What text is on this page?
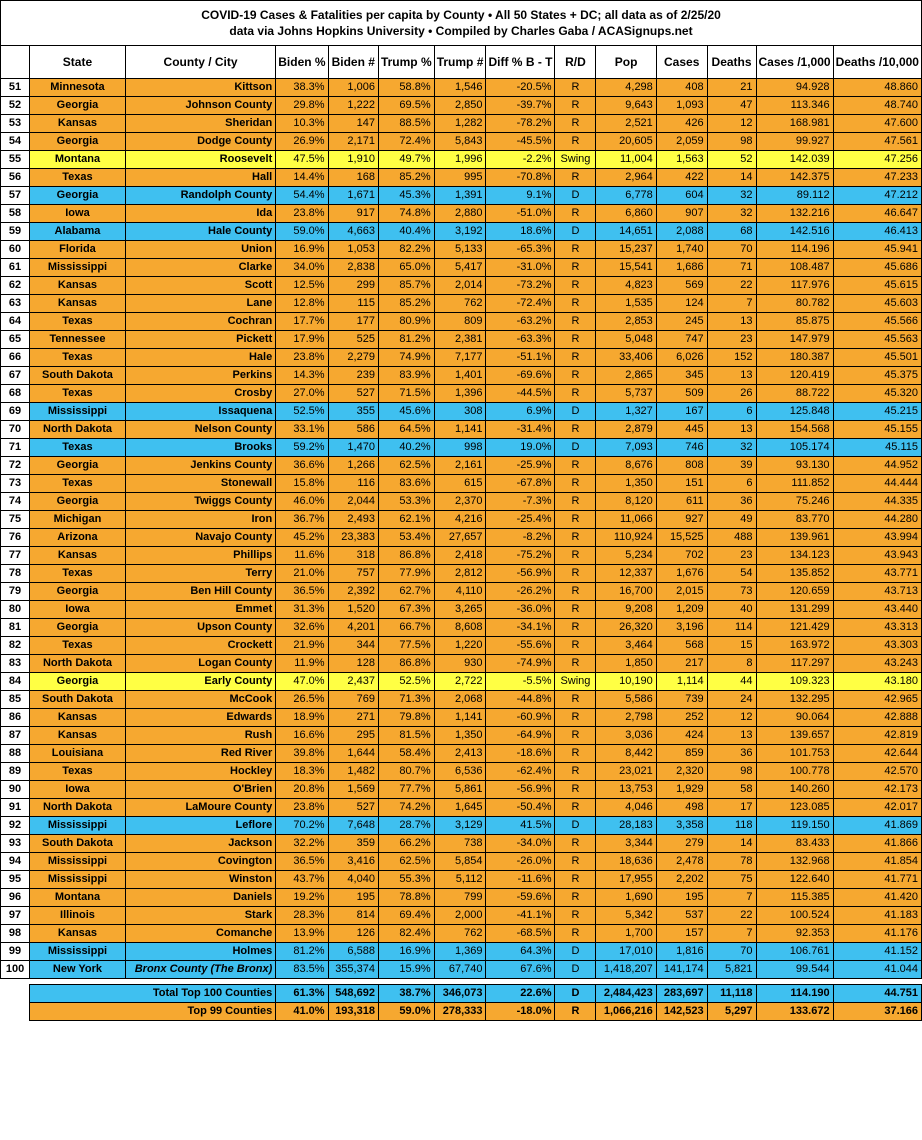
COVID-19 Cases & Fatalities per capita by County • All 50 States + DC; all data as of 2/25/20
data via Johns Hopkins University • Compiled by Charles Gaba / ACASignups.net													
	State	County / City	Biden %	Biden #	Trump %	Trump #	Diff % B - T	R/D	Pop	Cases	Deaths	Cases /1,000	Deaths /10,000
51	Minnesota	Kittson	38.3%	1,006	58.8%	1,546	-20.5%	R	4,298	408	21	94.928	48.860
52	Georgia	Johnson County	29.8%	1,222	69.5%	2,850	-39.7%	R	9,643	1,093	47	113.346	48.740
53	Kansas	Sheridan	10.3%	147	88.5%	1,282	-78.2%	R	2,521	426	12	168.981	47.600
54	Georgia	Dodge County	26.9%	2,171	72.4%	5,843	-45.5%	R	20,605	2,059	98	99.927	47.561
55	Montana	Roosevelt	47.5%	1,910	49.7%	1,996	-2.2%	Swing	11,004	1,563	52	142.039	47.256
56	Texas	Hall	14.4%	168	85.2%	995	-70.8%	R	2,964	422	14	142.375	47.233
57	Georgia	Randolph County	54.4%	1,671	45.3%	1,391	9.1%	D	6,778	604	32	89.112	47.212
58	Iowa	Ida	23.8%	917	74.8%	2,880	-51.0%	R	6,860	907	32	132.216	46.647
59	Alabama	Hale County	59.0%	4,663	40.4%	3,192	18.6%	D	14,651	2,088	68	142.516	46.413
60	Florida	Union	16.9%	1,053	82.2%	5,133	-65.3%	R	15,237	1,740	70	114.196	45.941
61	Mississippi	Clarke	34.0%	2,838	65.0%	5,417	-31.0%	R	15,541	1,686	71	108.487	45.686
62	Kansas	Scott	12.5%	299	85.7%	2,014	-73.2%	R	4,823	569	22	117.976	45.615
63	Kansas	Lane	12.8%	115	85.2%	762	-72.4%	R	1,535	124	7	80.782	45.603
64	Texas	Cochran	17.7%	177	80.9%	809	-63.2%	R	2,853	245	13	85.875	45.566
65	Tennessee	Pickett	17.9%	525	81.2%	2,381	-63.3%	R	5,048	747	23	147.979	45.563
66	Texas	Hale	23.8%	2,279	74.9%	7,177	-51.1%	R	33,406	6,026	152	180.387	45.501
67	South Dakota	Perkins	14.3%	239	83.9%	1,401	-69.6%	R	2,865	345	13	120.419	45.375
68	Texas	Crosby	27.0%	527	71.5%	1,396	-44.5%	R	5,737	509	26	88.722	45.320
69	Mississippi	Issaquena	52.5%	355	45.6%	308	6.9%	D	1,327	167	6	125.848	45.215
70	North Dakota	Nelson County	33.1%	586	64.5%	1,141	-31.4%	R	2,879	445	13	154.568	45.155
71	Texas	Brooks	59.2%	1,470	40.2%	998	19.0%	D	7,093	746	32	105.174	45.115
72	Georgia	Jenkins County	36.6%	1,266	62.5%	2,161	-25.9%	R	8,676	808	39	93.130	44.952
73	Texas	Stonewall	15.8%	116	83.6%	615	-67.8%	R	1,350	151	6	111.852	44.444
74	Georgia	Twiggs County	46.0%	2,044	53.3%	2,370	-7.3%	R	8,120	611	36	75.246	44.335
75	Michigan	Iron	36.7%	2,493	62.1%	4,216	-25.4%	R	11,066	927	49	83.770	44.280
76	Arizona	Navajo County	45.2%	23,383	53.4%	27,657	-8.2%	R	110,924	15,525	488	139.961	43.994
77	Kansas	Phillips	11.6%	318	86.8%	2,418	-75.2%	R	5,234	702	23	134.123	43.943
78	Texas	Terry	21.0%	757	77.9%	2,812	-56.9%	R	12,337	1,676	54	135.852	43.771
79	Georgia	Ben Hill County	36.5%	2,392	62.7%	4,110	-26.2%	R	16,700	2,015	73	120.659	43.713
80	Iowa	Emmet	31.3%	1,520	67.3%	3,265	-36.0%	R	9,208	1,209	40	131.299	43.440
81	Georgia	Upson County	32.6%	4,201	66.7%	8,608	-34.1%	R	26,320	3,196	114	121.429	43.313
82	Texas	Crockett	21.9%	344	77.5%	1,220	-55.6%	R	3,464	568	15	163.972	43.303
83	North Dakota	Logan County	11.9%	128	86.8%	930	-74.9%	R	1,850	217	8	117.297	43.243
84	Georgia	Early County	47.0%	2,437	52.5%	2,722	-5.5%	Swing	10,190	1,114	44	109.323	43.180
85	South Dakota	McCook	26.5%	769	71.3%	2,068	-44.8%	R	5,586	739	24	132.295	42.965
86	Kansas	Edwards	18.9%	271	79.8%	1,141	-60.9%	R	2,798	252	12	90.064	42.888
87	Kansas	Rush	16.6%	295	81.5%	1,350	-64.9%	R	3,036	424	13	139.657	42.819
88	Louisiana	Red River	39.8%	1,644	58.4%	2,413	-18.6%	R	8,442	859	36	101.753	42.644
89	Texas	Hockley	18.3%	1,482	80.7%	6,536	-62.4%	R	23,021	2,320	98	100.778	42.570
90	Iowa	O'Brien	20.8%	1,569	77.7%	5,861	-56.9%	R	13,753	1,929	58	140.260	42.173
91	North Dakota	LaMoure County	23.8%	527	74.2%	1,645	-50.4%	R	4,046	498	17	123.085	42.017
92	Mississippi	Leflore	70.2%	7,648	28.7%	3,129	41.5%	D	28,183	3,358	118	119.150	41.869
93	South Dakota	Jackson	32.2%	359	66.2%	738	-34.0%	R	3,344	279	14	83.433	41.866
94	Mississippi	Covington	36.5%	3,416	62.5%	5,854	-26.0%	R	18,636	2,478	78	132.968	41.854
95	Mississippi	Winston	43.7%	4,040	55.3%	5,112	-11.6%	R	17,955	2,202	75	122.640	41.771
96	Montana	Daniels	19.2%	195	78.8%	799	-59.6%	R	1,690	195	7	115.385	41.420
97	Illinois	Stark	28.3%	814	69.4%	2,000	-41.1%	R	5,342	537	22	100.524	41.183
98	Kansas	Comanche	13.9%	126	82.4%	762	-68.5%	R	1,700	157	7	92.353	41.176
99	Mississippi	Holmes	81.2%	6,588	16.9%	1,369	64.3%	D	17,010	1,816	70	106.761	41.152
100	New York	Bronx County (The Bronx)	83.5%	355,374	15.9%	67,740	67.6%	D	1,418,207	141,174	5,821	99.544	41.044

	Total Top 100 Counties		61.3%	548,692	38.7%	346,073	22.6%	D	2,484,423	283,697	11,118	114.190	44.751
	Top 99 Counties		41.0%	193,318	59.0%	278,333	-18.0%	R	1,066,216	142,523	5,297	133.672	37.166
